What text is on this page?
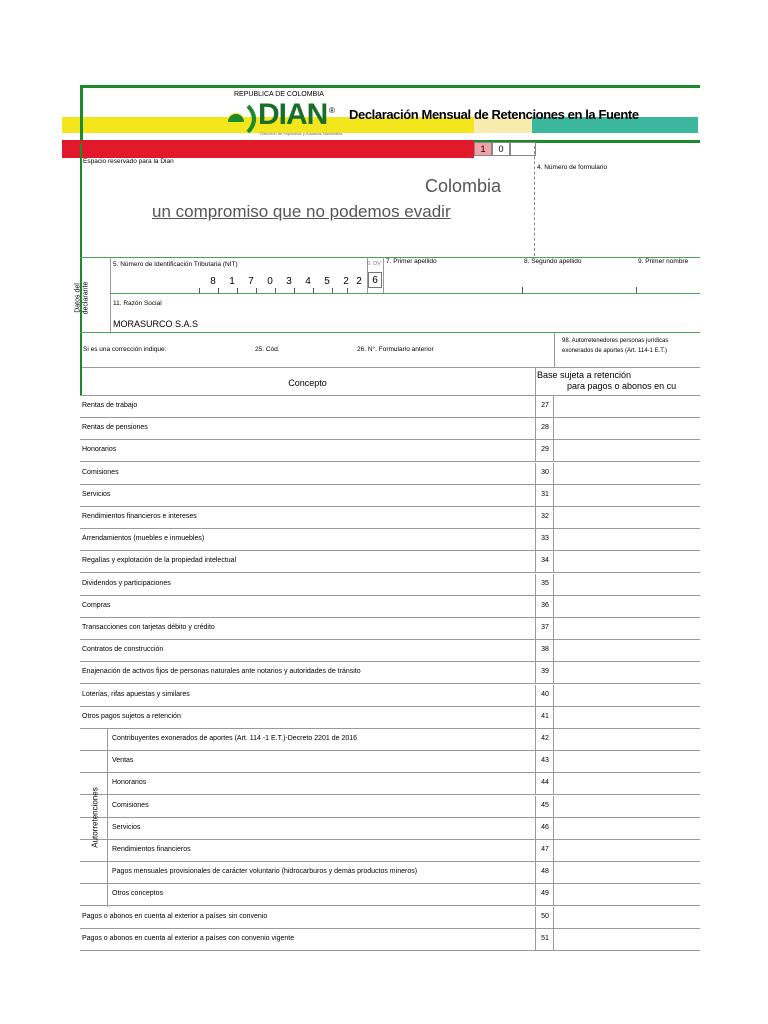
REPUBLICA DE COLOMBIA
DIAN ®
Dirección de Impuestos y Aduanas Nacionales
Declaración Mensual de Retenciones en la Fuente
1	0
Espacio reservado para la Dian
Colombia
un compromiso que no podemos evadir
4. Número de formulario
Datos del
declarante
5. Número de Identificación Tributaria (NIT)
8	1	7	0	3	4	5	2 2
6. DV
6
7. Primer apellido	8. Segundo apellido	9. Primer nombre
11. Razón Social
MORASURCO S.A.S
Si es una corrección indique:	25. Cód.	26. N°. Formulario anterior
98. Autorretenedores personas jurídicas
exonerados de aportes (Art. 114-1 E.T.)
Concepto
Base sujeta a retención
para pagos o abonos en cu
Rentas de trabajo	27
Rentas de pensiones	28
Honorarios	29
Comisiones	30
Servicios	31
Rendimientos financieros e intereses	32
Arrendamientos (muebles e inmuebles)	33
Regalías y explotación de la propiedad intelectual	34
Dividendos y participaciones	35
Compras	36
Transacciones con tarjetas débito y crédito	37
Contratos de construcción	38
Enajenación de activos fijos de personas naturales ante notarios y autoridades de tránsito	39
Loterías, rifas apuestas y similares	40
Otros pagos sujetos a retención	41
Contribuyentes exonerados de aportes (Art. 114 -1 E.T.)-Decreto 2201 de 2016	42
Ventas	43
Honorarios	44
Comisiones	45
Servicios	46
Rendimientos financieros	47
Pagos mensuales provisionales de carácter voluntario (hidrocarburos y demás productos mineros)	48
Otros conceptos	49
Pagos o abonos en cuenta al exterior a países sin convenio	50
Pagos o abonos en cuenta al exterior a países con convenio vigente	51
Autorretenciones
